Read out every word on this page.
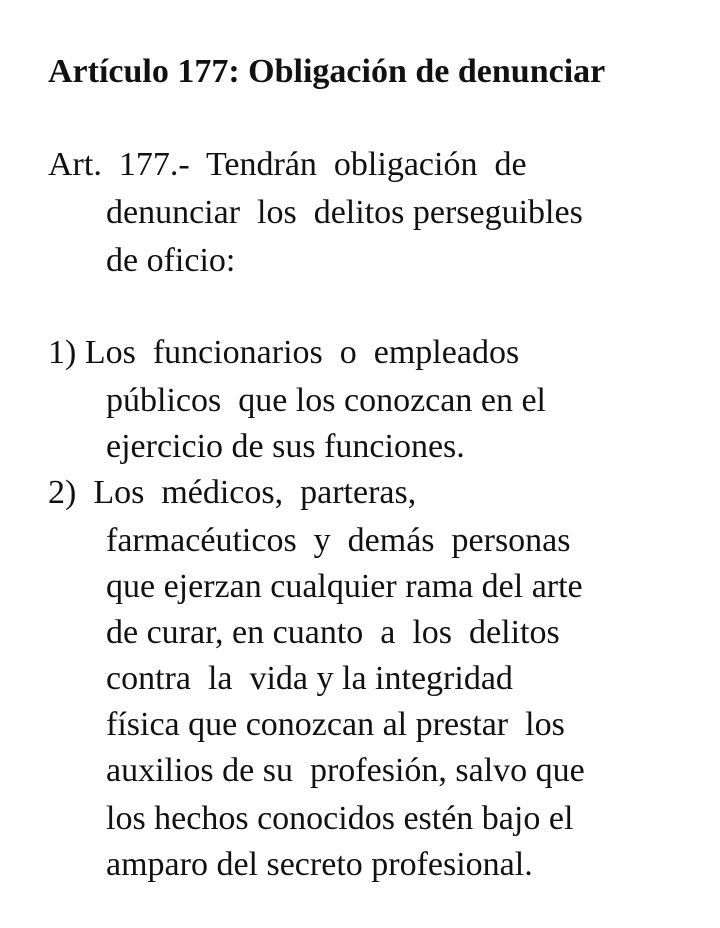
Artículo 177: Obligación de denunciar
Art.  177.-  Tendrán  obligación  de
denunciar  los  delitos perseguibles
de oficio:
1) Los  funcionarios  o  empleados
públicos  que los conozcan en el
ejercicio de sus funciones.
2)  Los  médicos,  parteras,
farmacéuticos  y  demás  personas
que ejerzan cualquier rama del arte
de curar, en cuanto  a  los  delitos
contra  la  vida y la integridad
física que conozcan al prestar  los
auxilios de su  profesión, salvo que
los hechos conocidos estén bajo el
amparo del secreto profesional.
